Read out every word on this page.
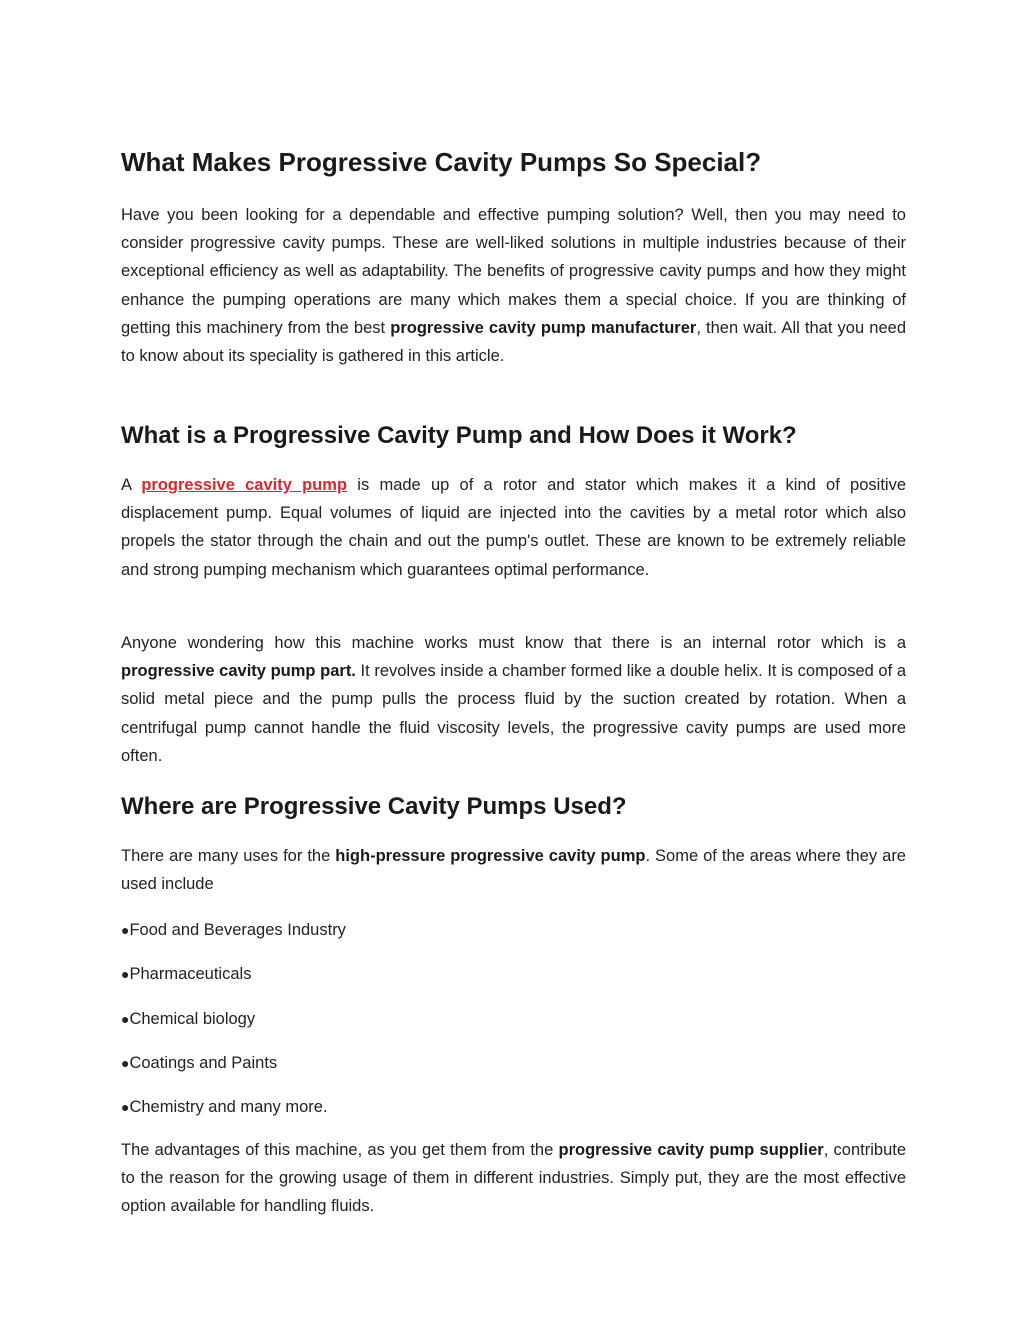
What Makes Progressive Cavity Pumps So Special?

Have you been looking for a dependable and effective pumping solution? Well, then you may need to consider progressive cavity pumps. These are well-liked solutions in multiple industries because of their exceptional efficiency as well as adaptability. The benefits of progressive cavity pumps and how they might enhance the pumping operations are many which makes them a special choice. If you are thinking of getting this machinery from the best progressive cavity pump manufacturer, then wait. All that you need to know about its speciality is gathered in this article.

What is a Progressive Cavity Pump and How Does it Work?

A progressive cavity pump is made up of a rotor and stator which makes it a kind of positive displacement pump. Equal volumes of liquid are injected into the cavities by a metal rotor which also propels the stator through the chain and out the pump's outlet. These are known to be extremely reliable and strong pumping mechanism which guarantees optimal performance.

Anyone wondering how this machine works must know that there is an internal rotor which is a progressive cavity pump part. It revolves inside a chamber formed like a double helix. It is composed of a solid metal piece and the pump pulls the process fluid by the suction created by rotation. When a centrifugal pump cannot handle the fluid viscosity levels, the progressive cavity pumps are used more often.

Where are Progressive Cavity Pumps Used?

There are many uses for the high-pressure progressive cavity pump. Some of the areas where they are used include

●Food and Beverages Industry
●Pharmaceuticals
●Chemical biology
●Coatings and Paints
●Chemistry and many more.

The advantages of this machine, as you get them from the progressive cavity pump supplier, contribute to the reason for the growing usage of them in different industries. Simply put, they are the most effective option available for handling fluids.
